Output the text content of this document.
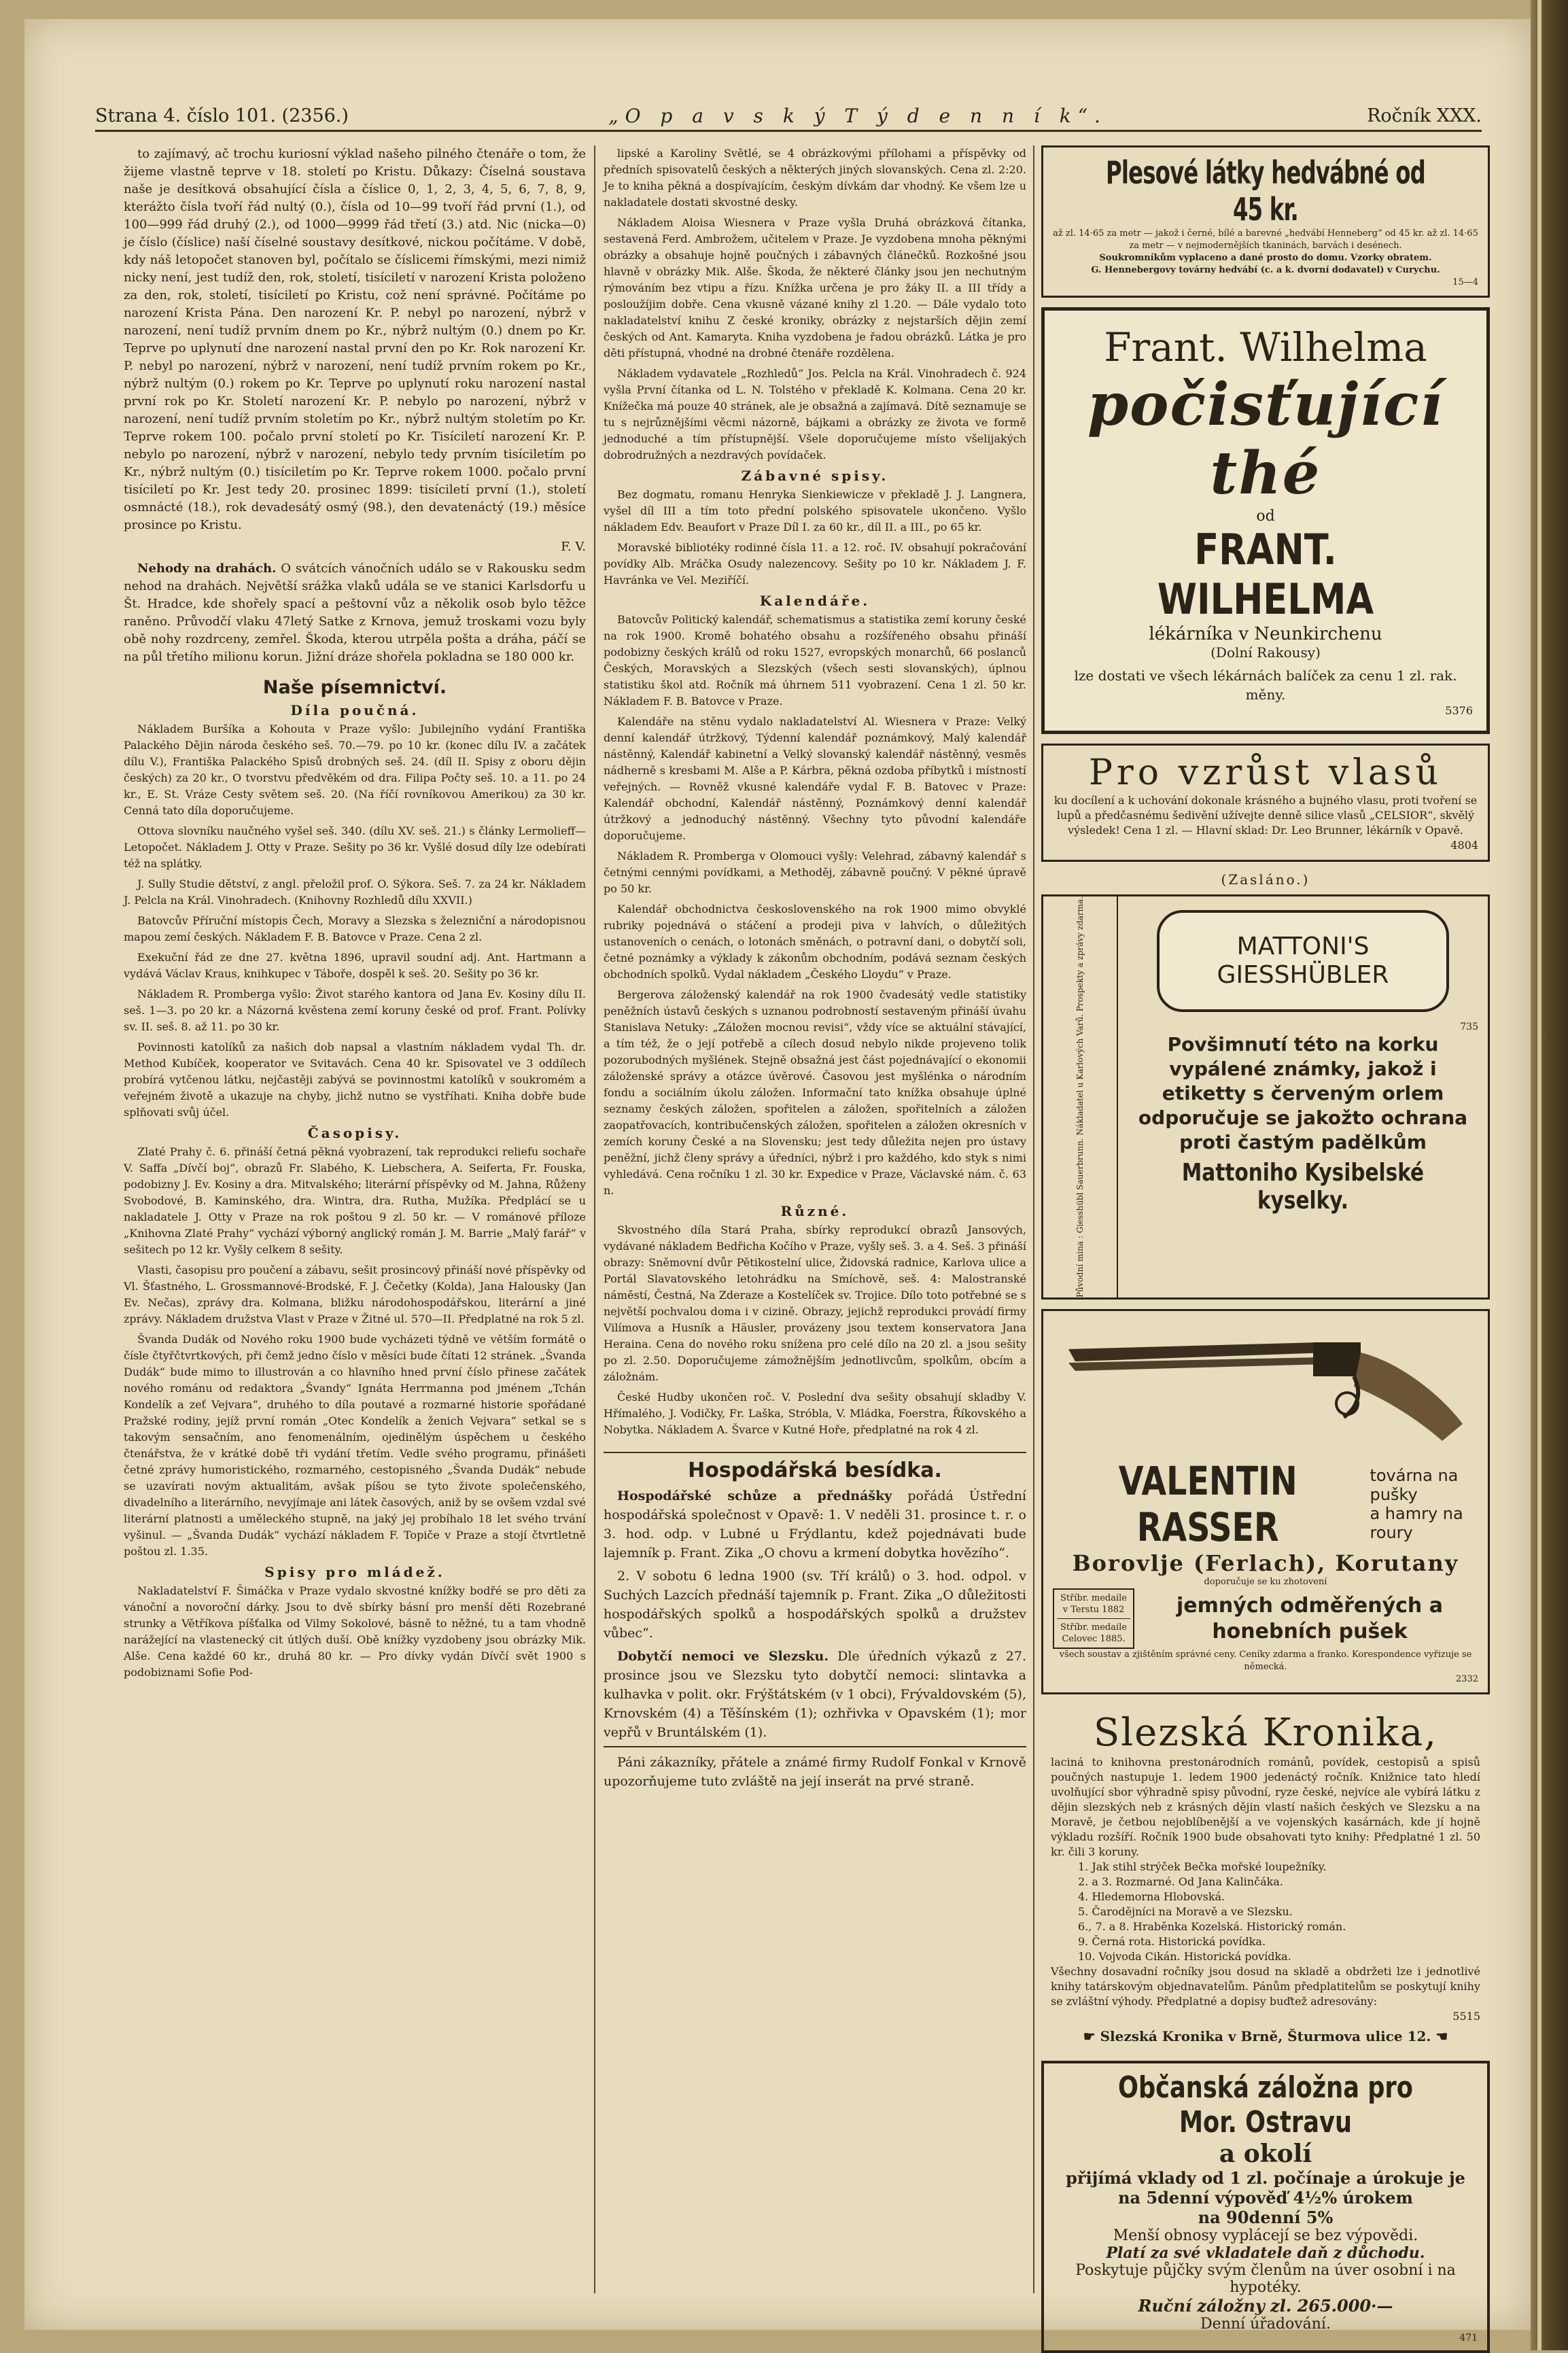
Strana 4. číslo 101. (2356.)	„O p a v s k ý T ý d e n n í k“.	Ročník XXX.

to zajímavý, ač trochu kuriosní výklad našeho pilného čtenáře o tom, že žijeme vlastně teprve v 18. století po Kristu. Důkazy: Číselná soustava naše je desítková obsahující čísla a číslice 0, 1, 2, 3, 4, 5, 6, 7, 8, 9, kterážto čísla tvoří řád nultý (0.), čísla od 10—99 tvoří řád první (1.), od 100—999 řád druhý (2.), od 1000—9999 řád třetí (3.) atd. Nic (nicka—0) je číslo (číslice) naší číselné soustavy desítkové, nickou počítáme. V době, kdy náš letopočet stanoven byl, počítalo se číslicemi římskými, mezi nimiž nicky není, jest tudíž den, rok, století, tisíciletí v narození Krista položeno za den, rok, století, tisíciletí po Kristu, což není správné. Počítáme po narození Krista Pána. Den narození Kr. P. nebyl po narození, nýbrž v narození, není tudíž prvním dnem po Kr., nýbrž nultým (0.) dnem po Kr. Teprve po uplynutí dne narození nastal první den po Kr. Rok narození Kr. P. nebyl po narození, nýbrž v narození, není tudíž prvním rokem po Kr., nýbrž nultým (0.) rokem po Kr. Teprve po uplynutí roku narození nastal první rok po Kr. Století narození Kr. P. nebylo po narození, nýbrž v narození, není tudíž prvním stoletím po Kr., nýbrž nultým stoletím po Kr. Teprve rokem 100. počalo první století po Kr. Tisíciletí narození Kr. P. nebylo po narození, nýbrž v narození, nebylo tedy prvním tisíciletím po Kr., nýbrž nultým (0.) tisíciletím po Kr. Teprve rokem 1000. počalo první tisíciletí po Kr. Jest tedy 20. prosinec 1899: tisíciletí první (1.), století osmnácté (18.), rok devadesátý osmý (98.), den devatenáctý (19.) měsíce prosince po Kristu.

F. V.

Nehody na drahách. O svátcích vánočních událo se v Rakousku sedm nehod na drahách. Největší srážka vlaků udála se ve stanici Karlsdorfu u Št. Hradce, kde shořely spací a peštovní vůz a několik osob bylo těžce raněno. Průvodčí vlaku 47letý Satke z Krnova, jemuž troskami vozu byly obě nohy rozdrceny, zemřel. Škoda, kterou utrpěla pošta a dráha, páčí se na půl třetího milionu korun. Jižní dráze shořela pokladna se 180 000 kr.

Naše písemnictví.
Díla poučná.

Nákladem Buršíka a Kohouta v Praze vyšlo: Jubilejního vydání Františka Palackého Dějin národa českého seš. 70.—79. po 10 kr. (konec dílu IV. a začátek dílu V.), Františka Palackého Spisů drobných seš. 24. (díl II. Spisy z oboru dějin českých) za 20 kr., O tvorstvu předvěkém od dra. Filipa Počty seš. 10. a 11. po 24 kr., E. St. Vráze Cesty světem seš. 20. (Na říčí rovníkovou Amerikou) za 30 kr. Cenná tato díla doporučujeme.

Ottova slovníku naučného vyšel seš. 340. (dílu XV. seš. 21.) s články Lermolieff—Letopočet. Nákladem J. Otty v Praze. Sešity po 36 kr. Vyšlé dosud díly lze odebírati též na splátky.

J. Sully Studie dětství, z angl. přeložil prof. O. Sýkora. Seš. 7. za 24 kr. Nákladem J. Pelcla na Král. Vinohradech. (Knihovny Rozhledů dílu XXVII.)

Batovcův Příruční místopis Čech, Moravy a Slezska s železniční a národopisnou mapou zemí českých. Nákladem F. B. Batovce v Praze. Cena 2 zl.

Exekuční řád ze dne 27. května 1896, upravil soudní adj. Ant. Hartmann a vydává Václav Kraus, knihkupec v Táboře, dospěl k seš. 20. Sešity po 36 kr.

Nákladem R. Promberga vyšlo: Život starého kantora od Jana Ev. Kosiny dílu II. seš. 1—3. po 20 kr. a Názorná kvěstena zemí koruny české od prof. Frant. Polívky sv. II. seš. 8. až 11. po 30 kr.

Povinnosti katolíků za našich dob napsal a vlastním nákladem vydal Th. dr. Method Kubíček, kooperator ve Svitavách. Cena 40 kr. Spisovatel ve 3 oddílech probírá vytčenou látku, nejčastěji zabývá se povinnostmi katolíků v soukromém a veřejném životě a ukazuje na chyby, jichž nutno se vystříhati. Kniha dobře bude splňovati svůj účel.

Časopisy.

Zlaté Prahy č. 6. přináší četná pěkná vyobrazení, tak reprodukci reliefu sochaře V. Saffa „Dívčí boj“, obrazů Fr. Slabého, K. Liebschera, A. Seiferta, Fr. Fouska, podobizny J. Ev. Kosiny a dra. Mitvalského; literární příspěvky od M. Jahna, Růženy Svobodové, B. Kaminského, dra. Wintra, dra. Rutha, Mužíka. Předplácí se u nakladatele J. Otty v Praze na rok poštou 9 zl. 50 kr. — V románové příloze „Knihovna Zlaté Prahy“ vychází výborný anglický román J. M. Barrie „Malý farář“ v sešitech po 12 kr. Vyšly celkem 8 sešity.

Vlasti, časopisu pro poučení a zábavu, sešit prosincový přináší nové příspěvky od Vl. Šťastného, L. Grossmannové-Brodské, F. J. Čečetky (Kolda), Jana Halousky (Jan Ev. Nečas), zprávy dra. Kolmana, bližku národohospodářskou, literární a jiné zprávy. Nákladem družstva Vlast v Praze v Žitné ul. 570—II. Předplatné na rok 5 zl.

Švanda Dudák od Nového roku 1900 bude vycházeti týdně ve větším formátě o čísle čtyřčtvrtkových, při čemž jedno číslo v měsíci bude čítati 12 stránek. „Švanda Dudák“ bude mimo to illustrován a co hlavního hned první číslo přinese začátek nového románu od redaktora „Švandy“ Ignáta Herrmanna pod jménem „Tchán Kondelík a zeť Vejvara“, druhého to díla poutavé a rozmarné historie spořádané Pražské rodiny, jejíž první román „Otec Kondelík a ženich Vejvara“ setkal se s takovým sensačním, ano fenomenálním, ojedinělým úspěchem u českého čtenářstva, že v krátké době tři vydání třetím. Vedle svého programu, přinášeti četné zprávy humoristického, rozmarného, cestopisného „Švanda Dudák“ nebude se uzavírati novým aktualitám, avšak píšou se tyto živote společenského, divadelního a literárního, nevyjímaje ani látek časových, aniž by se ovšem vzdal své literární platnosti a uměleckého stupně, na jaký jej probíhalo 18 let svého trvání vyšinul. — „Švanda Dudák“ vychází nákladem F. Topiče v Praze a stojí čtvrtletně poštou zl. 1.35.

Spisy pro mládež.

Nakladatelství F. Šimáčka v Praze vydalo skvostné knížky bodřé se pro děti za vánoční a novoroční dárky. Jsou to dvě sbírky básní pro menší děti Rozebrané strunky a Větříkova píšťalka od Vilmy Sokolové, básně to něžné, tu a tam vhodně narážející na vlastenecký cit útlých duší. Obě knížky vyzdobeny jsou obrázky Mik. Alše. Cena každé 60 kr., druhá 80 kr. — Pro dívky vydán Dívčí svět 1900 s podobiznami Sofie Pod-

lipské a Karoliny Světlé, se 4 obrázkovými přílohami a příspěvky od předních spisovatelů českých a některých jiných slovanských. Cena zl. 2:20. Je to kniha pěkná a dospívajícím, českým dívkám dar vhodný. Ke všem lze u nakladatele dostati skvostné desky.

Nákladem Aloisa Wiesnera v Praze vyšla Druhá obrázková čítanka, sestavená Ferd. Ambrožem, učitelem v Praze. Je vyzdobena mnoha pěknými obrázky a obsahuje hojně poučných i zábavných článečků. Rozkošné jsou hlavně v obrázky Mik. Alše. Škoda, že některé články jsou jen nechutným rýmováním bez vtipu a řízu. Knížka určena je pro žáky II. a III třídy a posloužíjim dobře. Cena vkusně vázané knihy zl 1.20. — Dále vydalo toto nakladatelství knihu Z české kroniky, obrázky z nejstarších dějin zemí českých od Ant. Kamaryta. Kniha vyzdobena je řadou obrázků. Látka je pro děti přístupná, vhodné na drobné čtenáře rozdělena.

Nákladem vydavatele „Rozhledů“ Jos. Pelcla na Král. Vinohradech č. 924 vyšla První čítanka od L. N. Tolstého v překladě K. Kolmana. Cena 20 kr. Knížečka má pouze 40 stránek, ale je obsažná a zajímavá. Dítě seznamuje se tu s nejrůznějšími věcmi názorně, bájkami a obrázky ze života ve formě jednoduché a tím přístupnější. Všele doporučujeme místo všelijakých dobrodružných a nezdravých povídaček.

Zábavné spisy.

Bez dogmatu, romanu Henryka Sienkiewicze v překladě J. J. Langnera, vyšel díl III a tím toto přední polského spisovatele ukončeno. Vyšlo nákladem Edv. Beaufort v Praze Díl I. za 60 kr., díl II. a III., po 65 kr.

Moravské bibliotéky rodinné čísla 11. a 12. roč. IV. obsahují pokračování povídky Alb. Mráčka Osudy nalezencovy. Sešity po 10 kr. Nákladem J. F. Havránka ve Vel. Meziříčí.

Kalendáře.

Batovcův Politický kalendář, schematismus a statistika zemí koruny české na rok 1900. Kromě bohatého obsahu a rozšířeného obsahu přináší podobizny českých králů od roku 1527, evropských monarchů, 66 poslanců Českých, Moravských a Slezských (všech sesti slovanských), úplnou statistiku škol atd. Ročník má úhrnem 511 vyobrazení. Cena 1 zl. 50 kr. Nákladem F. B. Batovce v Praze.

Kalendáře na stěnu vydalo nakladatelství Al. Wiesnera v Praze: Velký denní kalendář útržkový, Týdenní kalendář poznámkový, Malý kalendář nástěnný, Kalendář kabinetní a Velký slovanský kalendář nástěnný, vesměs nádherně s kresbami M. Alše a P. Kárbra, pěkná ozdoba příbytků i místností veřejných. — Rovněž vkusné kalendáře vydal F. B. Batovec v Praze: Kalendář obchodní, Kalendář nástěnný, Poznámkový denní kalendář útržkový a jednoduchý nástěnný. Všechny tyto původní kalendáře doporučujeme.

Nákladem R. Promberga v Olomouci vyšly: Velehrad, zábavný kalendář s četnými cennými povídkami, a Methoděj, zábavně poučný. V pěkné úpravě po 50 kr.

Kalendář obchodnictva československého na rok 1900 mimo obvyklé rubriky pojednává o stáčení a prodeji piva v lahvích, o důležitých ustanoveních o cenách, o lotonách směnách, o potravní dani, o dobytčí soli, četné poznámky a výklady k zákonům obchodním, podává seznam českých obchodních spolků. Vydal nákladem „Českého Lloydu“ v Praze.

Bergerova záloženský kalendář na rok 1900 čvadesátý vedle statistiky peněžních ústavů českých s uznanou podrobností sestaveným přináší úvahu Stanislava Netuky: „Záložen mocnou revisi“, vždy více se aktuální stávající, a tím též, že o její potřebě a cílech dosud nebylo nikde projeveno tolik pozorubodných myšlének. Stejně obsažná jest část pojednávající o ekonomii záloženské správy a otázce úvěrové. Časovou jest myšlénka o národním fondu a sociálním úkolu záložen. Informační tato knížka obsahuje úplné seznamy českých záložen, spořitelen a záložen, spořitelních a záložen zaopatřovacích, kontribučenských záložen, spořitelen a záložen okresních v zemích koruny České a na Slovensku; jest tedy důležita nejen pro ústavy peněžní, jichž členy správy a úředníci, nýbrž i pro každého, kdo styk s nimi vyhledává. Cena ročníku 1 zl. 30 kr. Expedice v Praze, Václavské nám. č. 63 n.

Různé.

Skvostného díla Stará Praha, sbírky reprodukcí obrazů Jansových, vydávané nákladem Bedřicha Kočího v Praze, vyšly seš. 3. a 4. Seš. 3 přináší obrazy: Sněmovní dvůr Pětikostelní ulice, Židovská radnice, Karlova ulice a Portál Slavatovského letohrádku na Smíchově, seš. 4: Malostranské náměstí, Čestná, Na Zderaze a Kostelíček sv. Trojice. Dílo toto potřebné se s největší pochvalou doma i v cizině. Obrazy, jejichž reprodukci provádí firmy Vilímova a Husník a Häusler, provázeny jsou textem konservatora Jana Herainа. Cena do nového roku snížena pro celé dílo na 20 zl. a jsou sešity po zl. 2.50. Doporučujeme zámožnějším jednotlivcům, spolkům, obcím a záložnám.

České Hudby ukončen roč. V. Poslední dva sešity obsahují skladby V. Hřímalého, J. Vodičky, Fr. Laška, Stróbla, V. Mládka, Foerstra, Říkovského a Nobytka. Nákladem A. Švarce v Kutné Hoře, předplatné na rok 4 zl.

Hospodářská besídka.

Hospodářské schůze a přednášky pořádá Ústřední hospodářská společnost v Opavě: 1. V neděli 31. prosince t. r. o 3. hod. odp. v Lubné u Frýdlantu, kdež pojednávati bude lajemník p. Frant. Zika „O chovu a krmení dobytka hovězího“.

2. V sobotu 6 ledna 1900 (sv. Tří králů) o 3. hod. odpol. v Suchých Lazcích přednáší tajemník p. Frant. Zika „O důležitosti hospodářských spolků a hospodářských spolků a družstev vůbec“.

Dobytčí nemoci ve Slezsku. Dle úředních výkazů z 27. prosince jsou ve Slezsku tyto dobytčí nemoci: slintavka a kulhavka v polit. okr. Frýštátském (v 1 obci), Frývaldovském (5), Krnovském (4) a Těšínském (1); ozhřivka v Opavském (1); mor vepřů v Bruntálském (1).

Páni zákazníky, přátele a známé firmy Rudolf Fonkal v Krnově upozorňujeme tuto zvláště na její inserát na prvé straně.

Plesové látky hedvábné od 45 kr.
až zl. 14·65 za metr — jakož i černé, bílé a barevné „hedvábí Henneberg“ od 45 kr. až zl. 14·65 za metr — v nejmodernějších tkaninách, barvách i desénech.
Soukromníkům vyplaceno a dané prosto do domu. Vzorky obratem.
G. Hennebergovy továrny hedvábí (c. a k. dvorní dodavatel) v Curychu.
15—4
Frant. Wilhelma
počisťující thé
od
FRANT. WILHELMA
lékárníka v Neunkirchenu
(Dolní Rakousy)
lze dostati ve všech lékárnách balíček za cenu 1 zl. rak. měny.
5376
Pro vzrůst vlasů
ku docílení a k uchování dokonale krásného a bujného vlasu, proti tvoření se lupů a předčasnému šedivění užívejte denně silice vlasů „CELSIOR“, skvělý výsledek! Cena 1 zl. — Hlavní sklad: Dr. Leo Brunner, lékárník v Opavě.
4804
(Zasláno.)
Původní mina : Giesshübl Sauerbrunn. Nákladatel u Karlových Varů. Prospekty a zprávy zdarma.	MATTONI'S
GIESSHÜBLER
735
Povšimnutí této na korku vypálené známky, jakož i etiketty s červeným orlem odporučuje se jakožto ochrana proti častým padělkům
Mattoniho Kysibelské kyselky.
VALENTIN RASSER
továrna na pušky
a hamry na roury
Borovlje (Ferlach), Korutany
doporučuje se ku zhotovení
Stříbr. medaile v Terstu 1882
Stříbr. medaile Celovec 1885.
jemných odměřených a honebních pušek
všech soustav a zjištěním správné ceny. Ceníky zdarma a franko. Korespondence vyřizuje se německá.
2332
Slezská Kronika,
laciná to knihovna prestonárodních románů, povídek, cestopisů a spisů poučných nastupuje 1. ledem 1900 jedenáctý ročník. Knižnice tato hledí uvolňující sbor výhradně spisy původní, ryze české, nejvíce ale vybírá látku z dějin slezských neb z krásných dějin vlastí našich českých ve Slezsku a na Moravě, je četbou nejoblíbenější a ve vojenských kasárnách, kde jí hojně výkladu rozšíří. Ročník 1900 bude obsahovati tyto knihy: Předplatné 1 zl. 50 kr. čili 3 koruny.
1. Jak stihl strýček Bečka mořské loupežníky.
2. a 3. Rozmarné. Od Jana Kalinčáka.
4. Hledemorna Hlobovská.
5. Čarodějníci na Moravě a ve Slezsku.
6., 7. a 8. Hraběnka Kozelská. Historický román.
9. Černá rota. Historická povídka.
10. Vojvoda Cikán. Historická povídka.
Všechny dosavadní ročníky jsou dosud na skladě a obdržeti lze i jednotlivé knihy tatárskovým objednavatelům. Pánům předplatitelům se poskytují knihy se zvláštní výhody. Předplatné a dopisy buďtež adresovány:
5515
☛ Slezská Kronika v Brně, Šturmova ulice 12. ☚
Občanská záložna pro Mor. Ostravu
a okolí
přijímá vklady od 1 zl. počínaje a úrokuje je
na 5denní výpověď 4½% úrokem
na 90denní 5%
Menší obnosy vyplácejí se bez výpovědi.
Platí za své vkladatele daň z důchodu.
Poskytuje půjčky svým členům na úver osobní i na hypotéky.
Ruční záložny zl. 265.000·—
Denní úřadování.
471
